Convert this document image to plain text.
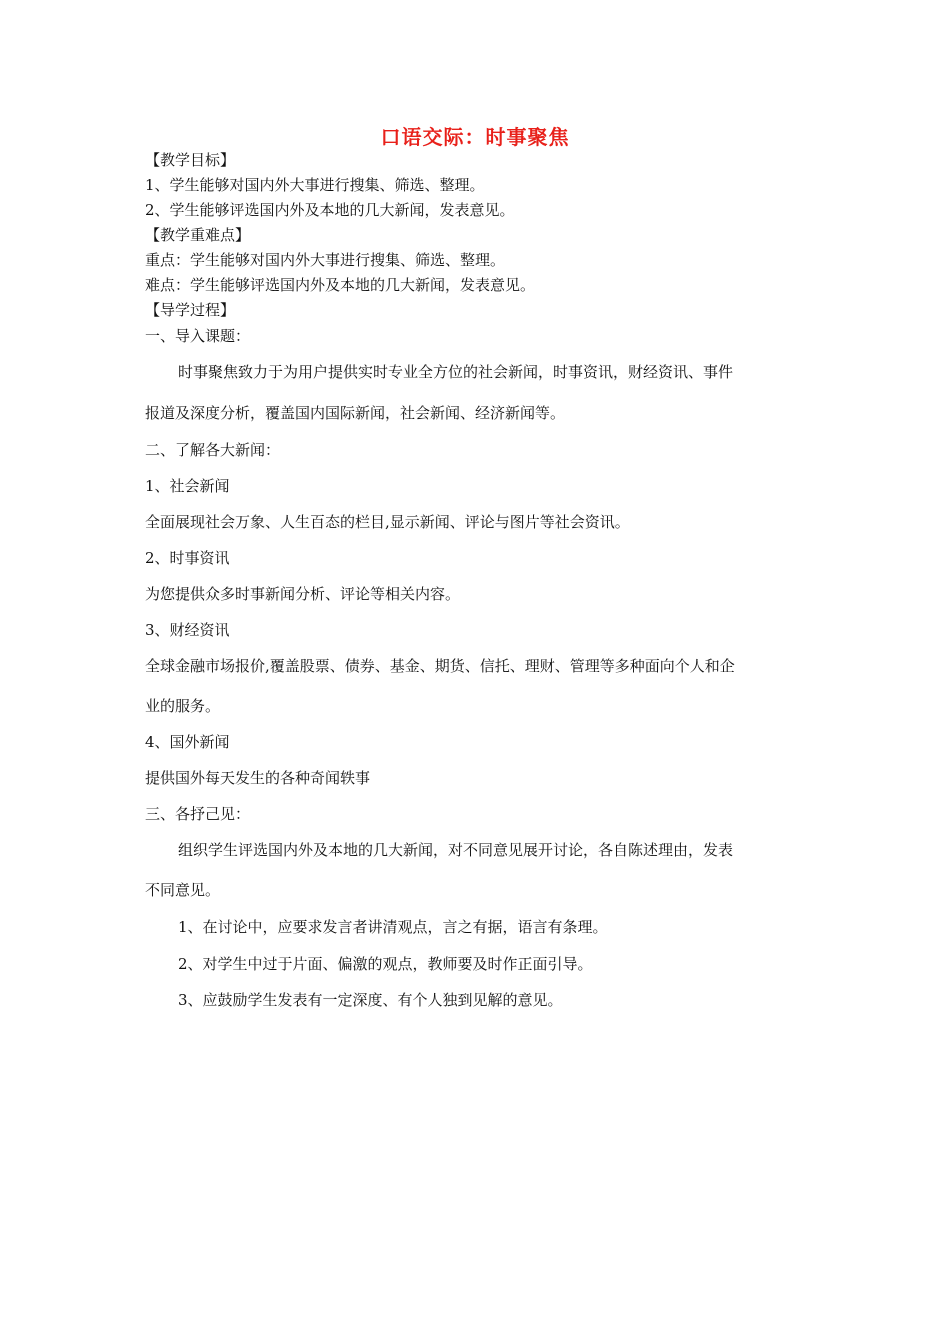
口语交际：时事聚焦
【教学目标】
1、学生能够对国内外大事进行搜集、筛选、整理。
2、学生能够评选国内外及本地的几大新闻，发表意见。
【教学重难点】
重点：学生能够对国内外大事进行搜集、筛选、整理。
难点：学生能够评选国内外及本地的几大新闻，发表意见。
【导学过程】
一、导入课题：
时事聚焦致力于为用户提供实时专业全方位的社会新闻，时事资讯，财经资讯、事件
报道及深度分析，覆盖国内国际新闻，社会新闻、经济新闻等。
二、了解各大新闻：
1、社会新闻
全面展现社会万象、人生百态的栏目,显示新闻、评论与图片等社会资讯。
2、时事资讯
为您提供众多时事新闻分析、评论等相关内容。
3、财经资讯
全球金融市场报价,覆盖股票、债券、基金、期货、信托、理财、管理等多种面向个人和企
业的服务。
4、国外新闻
提供国外每天发生的各种奇闻轶事
三、各抒己见：
组织学生评选国内外及本地的几大新闻，对不同意见展开讨论，各自陈述理由，发表
不同意见。
1、在讨论中，应要求发言者讲清观点，言之有据，语言有条理。
2、对学生中过于片面、偏激的观点，教师要及时作正面引导。
3、应鼓励学生发表有一定深度、有个人独到见解的意见。
